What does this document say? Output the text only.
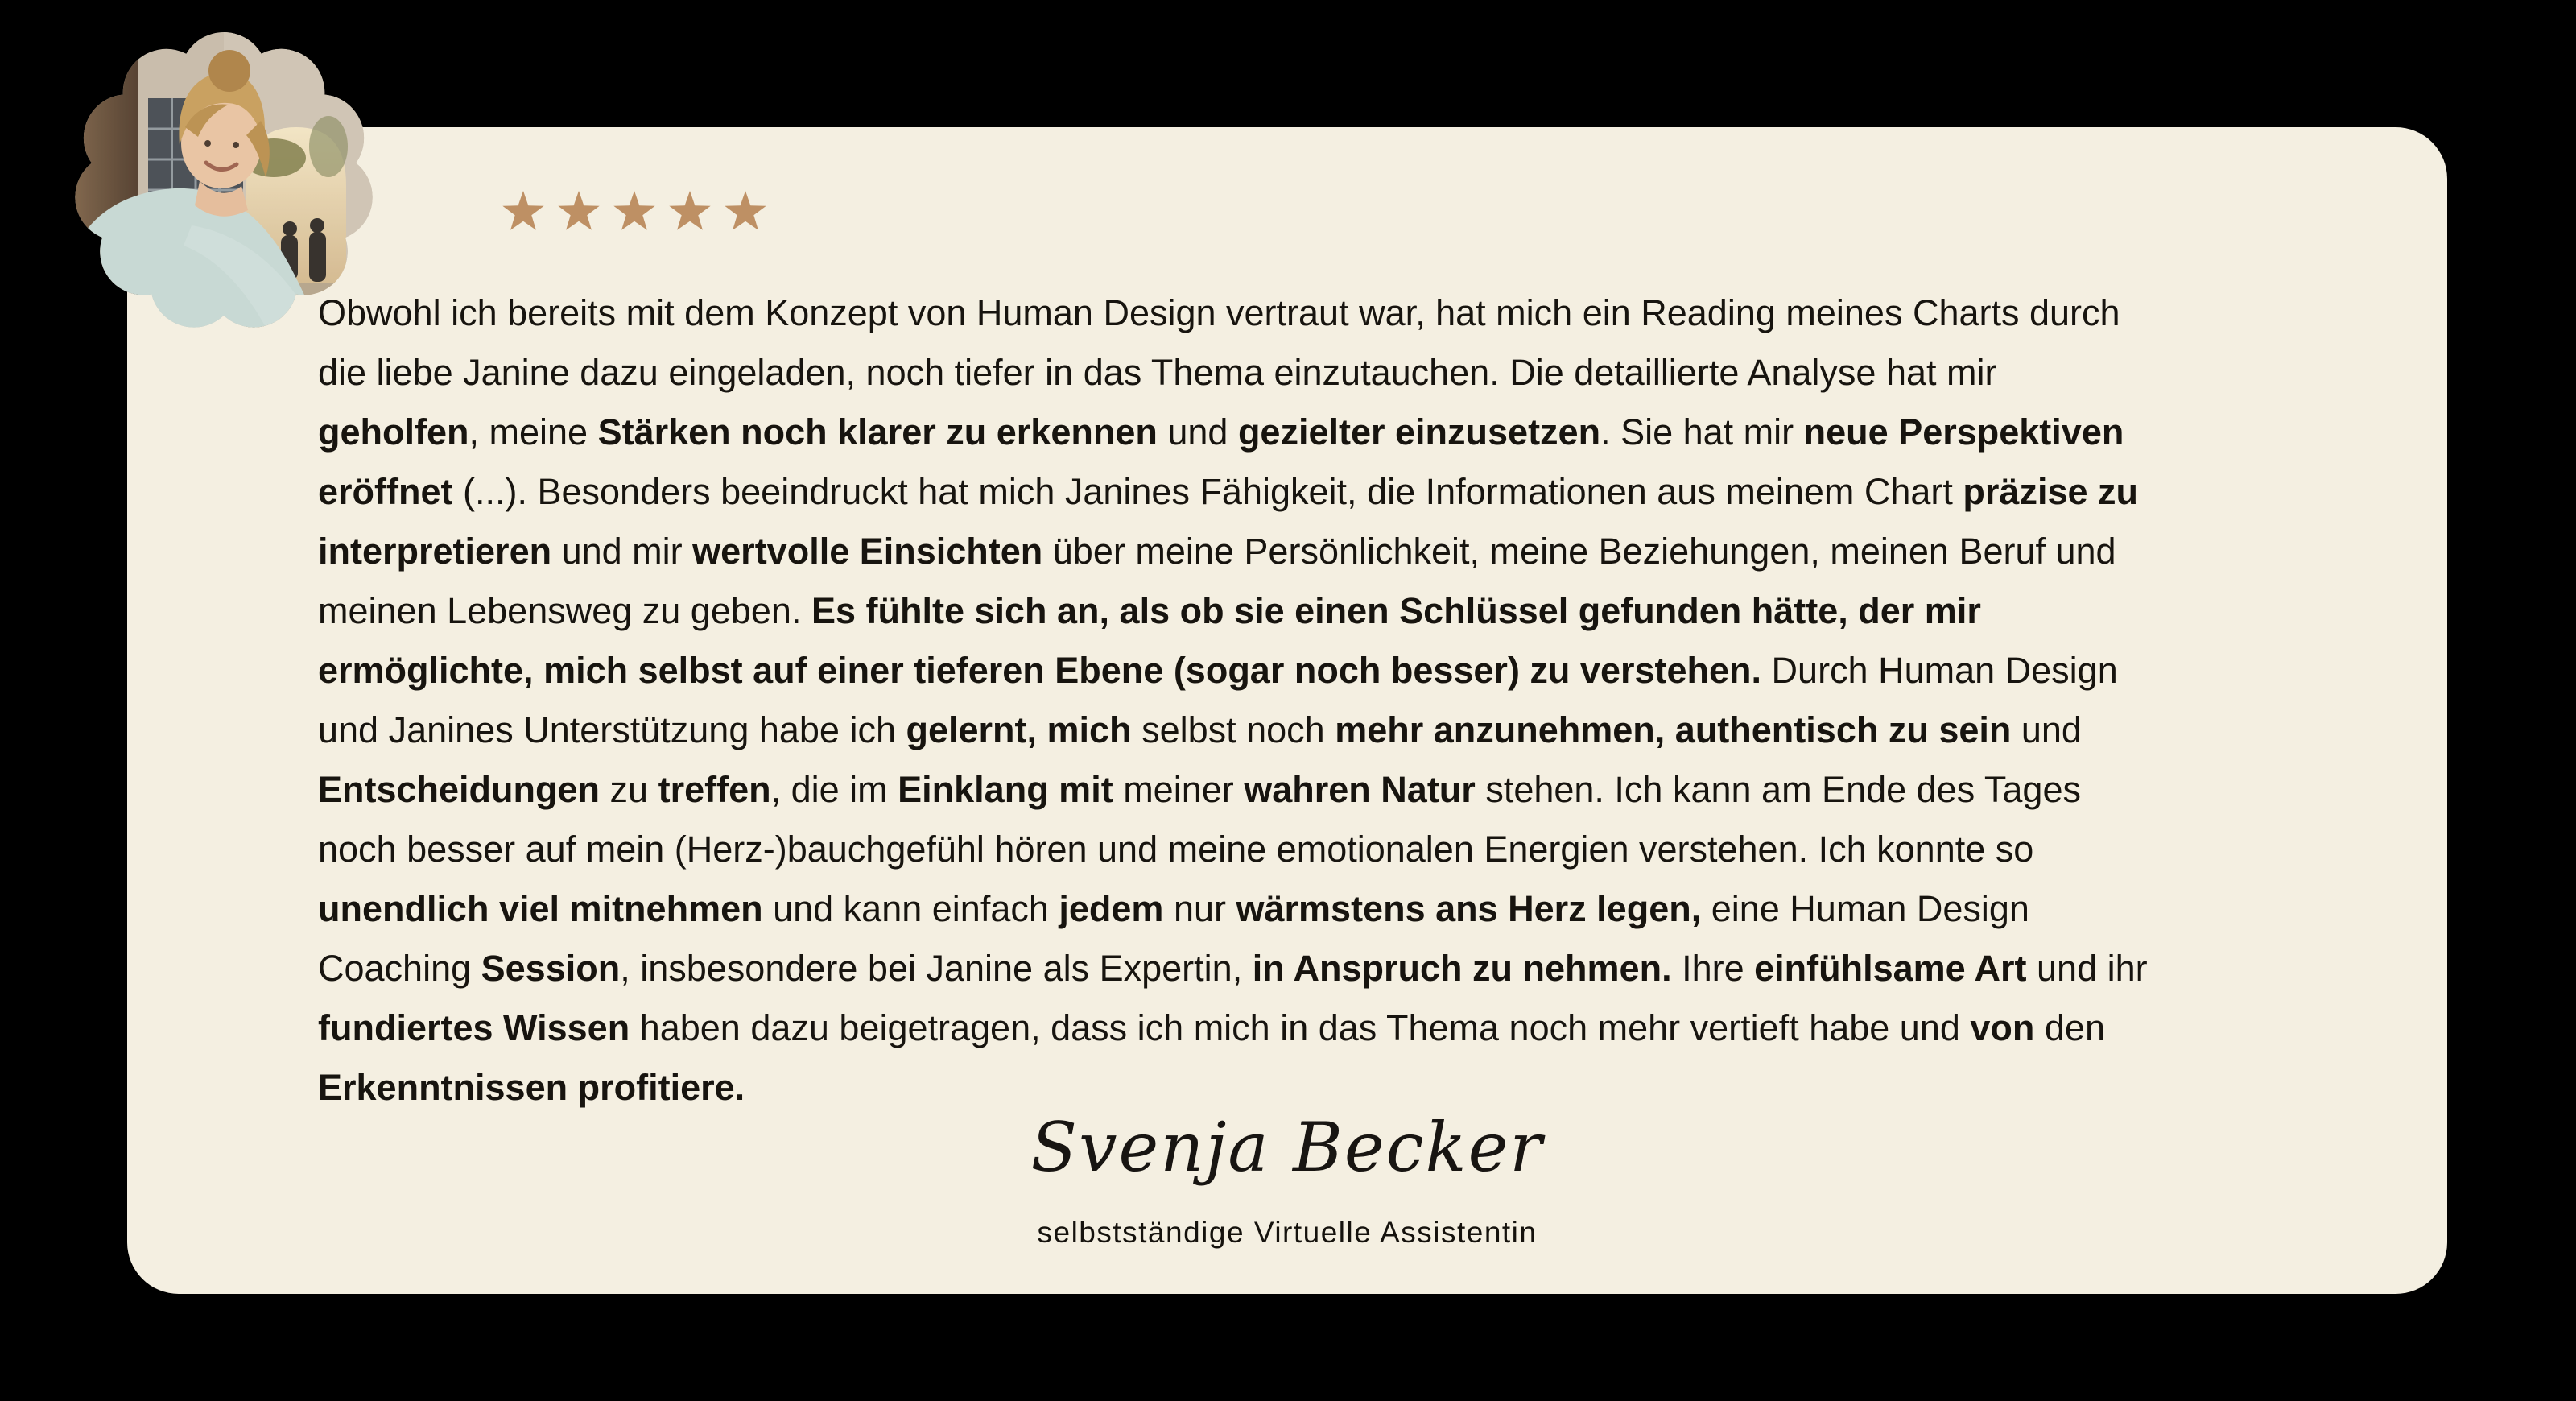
Obwohl ich bereits mit dem Konzept von Human Design vertraut war, hat mich ein Reading meines Charts durch
die liebe Janine dazu eingeladen, noch tiefer in das Thema einzutauchen. Die detaillierte Analyse hat mir
geholfen, meine Stärken noch klarer zu erkennen und gezielter einzusetzen. Sie hat mir neue Perspektiven
eröffnet (...). Besonders beeindruckt hat mich Janines Fähigkeit, die Informationen aus meinem Chart präzise zu
interpretieren und mir wertvolle Einsichten über meine Persönlichkeit, meine Beziehungen, meinen Beruf und
meinen Lebensweg zu geben. Es fühlte sich an, als ob sie einen Schlüssel gefunden hätte, der mir
ermöglichte, mich selbst auf einer tieferen Ebene (sogar noch besser) zu verstehen. Durch Human Design
und Janines Unterstützung habe ich gelernt, mich selbst noch mehr anzunehmen, authentisch zu sein und
Entscheidungen zu treffen, die im Einklang mit meiner wahren Natur stehen. Ich kann am Ende des Tages
noch besser auf mein (Herz-)bauchgefühl hören und meine emotionalen Energien verstehen. Ich konnte so
unendlich viel mitnehmen und kann einfach jedem nur wärmstens ans Herz legen, eine Human Design
Coaching Session, insbesondere bei Janine als Expertin, in Anspruch zu nehmen. Ihre einfühlsame Art und ihr
fundiertes Wissen haben dazu beigetragen, dass ich mich in das Thema noch mehr vertieft habe und von den
Erkenntnissen profitiere.
Svenja Becker
selbstständige Virtuelle Assistentin
